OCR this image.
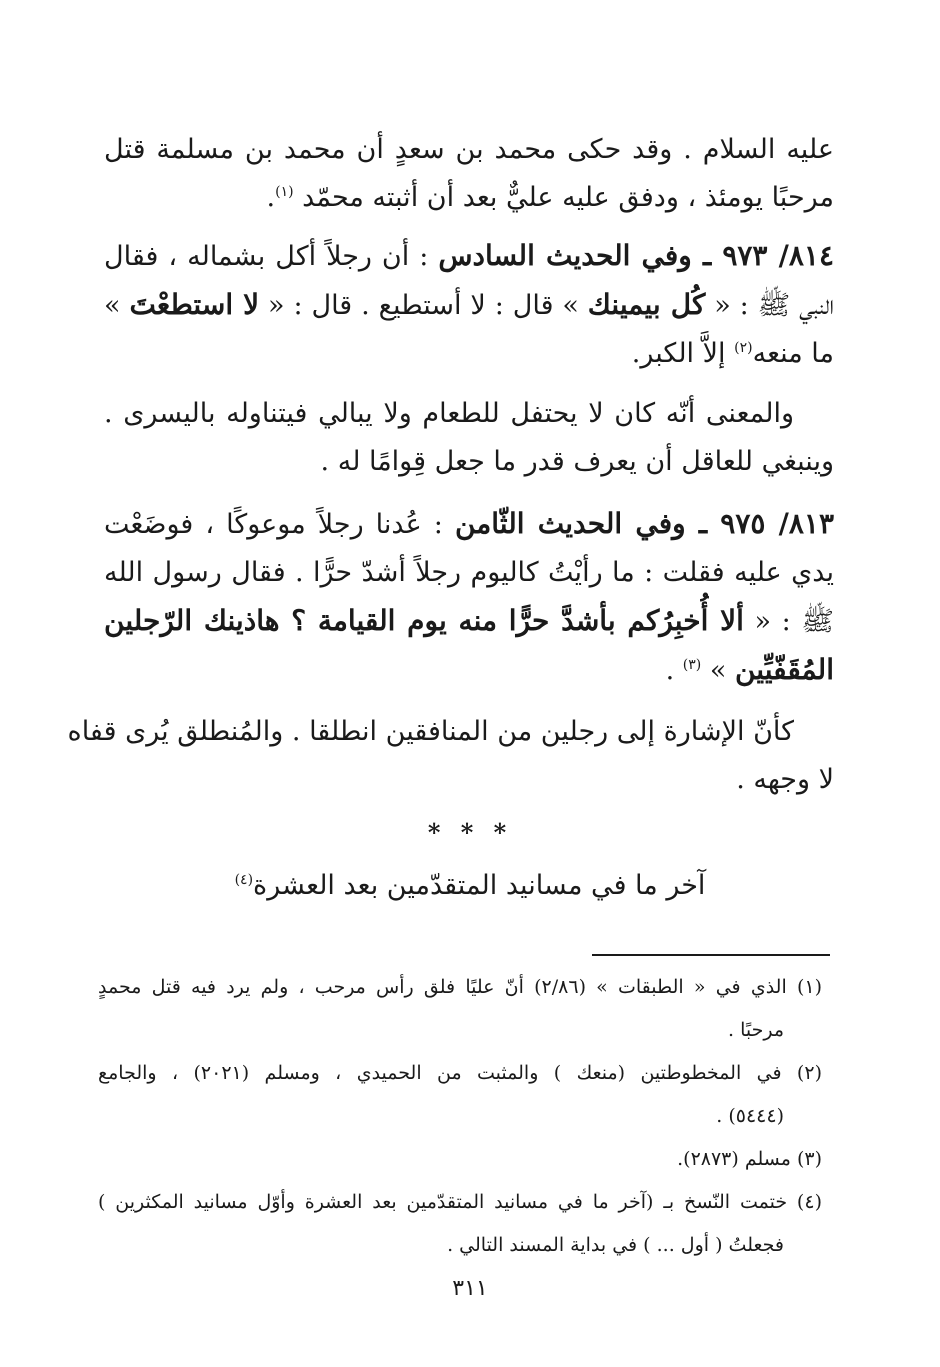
عليه السلام . وقد حكى محمد بن سعدٍ أن محمد بن مسلمة قتل
مرحبًا يومئذ ، ودفق عليه عليٌّ بعد أن أثبته محمّد $^{(١)}$.
٨١٤/ ٩٧٣ ـ وفي الحديث السادس : أن رجلاً أكل بشماله ، فقال
النبي ﷺ : « كُل بيمينك » قال : لا أستطيع . قال : « لا استطعْتَ »
ما منعه$^{(٢)}$ إلاَّ الكبر.
والمعنى أنّه كان لا يحتفل للطعام ولا يبالي فيتناوله باليسرى .
وينبغي للعاقل أن يعرف قدر ما جعل قِوامًا له .
٨١٣/ ٩٧٥ ـ وفي الحديث الثّامن : عُدنا رجلاً موعوكًا ، فوضَعْت
يدي عليه فقلت : ما رأيْتُ كاليوم رجلاً أشدّ حرًّا . فقال رسول الله
ﷺ : « ألا أُخبِرُكم بأشدَّ حرًّا منه يوم القيامة ؟ هاذينك الرّجلين
المُقَفّيِّين » $^{(٣)}$ .
كأنّ الإشارة إلى رجلين من المنافقين انطلقا . والمُنطلق يُرى قفاه
لا وجهه .
* * *
آخر ما في مسانيد المتقدّمين بعد العشرة$^{(٤)}$
(١) الذي في « الطبقات » (٢/٨٦) أنّ عليًا فلق رأس مرحب ، ولم يرد فيه قتل محمدٍ
مرحبًا .
(٢) في المخطوطتين (منعك ) والمثبت من الحميدي ، ومسلم (٢٠٢١) ، والجامع
(٥٤٤٤) .
(٣) مسلم (٢٨٧٣).
(٤) ختمت النّسخ بـ (آخر ما في مسانيد المتقدّمين بعد العشرة وأوّل مسانيد المكثرين )
فجعلتُ ( أول ... ) في بداية المسند التالي .
٣١١
